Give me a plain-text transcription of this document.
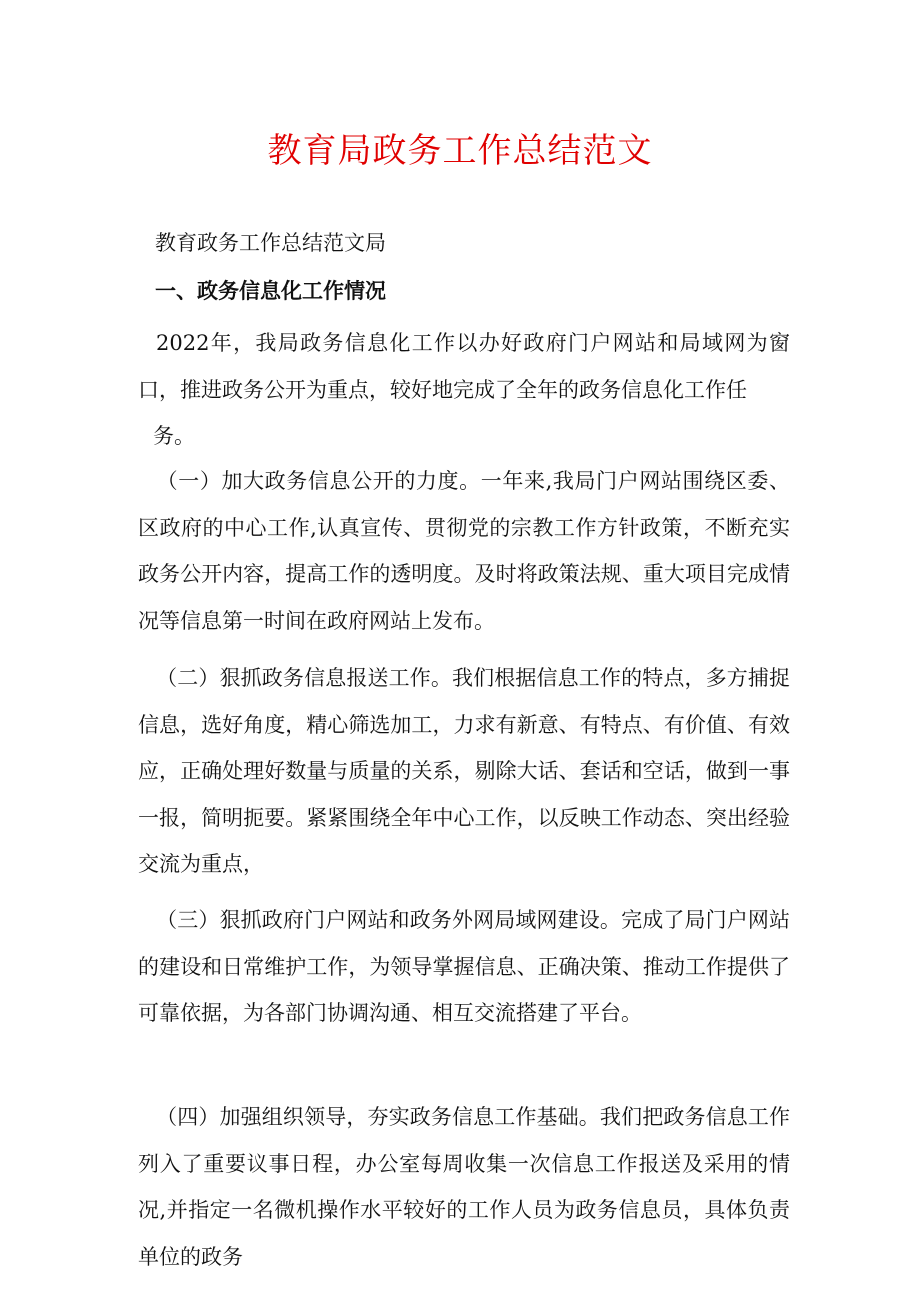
教育局政务工作总结范文

教育政务工作总结范文局

一、政务信息化工作情况

2022年，我局政务信息化工作以办好政府门户网站和局域网为窗口，推进政务公开为重点，较好地完成了全年的政务信息化工作任
务。

（一）加大政务信息公开的力度。一年来,我局门户网站围绕区委、区政府的中心工作,认真宣传、贯彻党的宗教工作方针政策，不断充实政务公开内容，提高工作的透明度。及时将政策法规、重大项目完成情况等信息第一时间在政府网站上发布。

（二）狠抓政务信息报送工作。我们根据信息工作的特点，多方捕捉信息，选好角度，精心筛选加工，力求有新意、有特点、有价值、有效应，正确处理好数量与质量的关系，剔除大话、套话和空话，做到一事一报，简明扼要。紧紧围绕全年中心工作，以反映工作动态、突出经验交流为重点，

（三）狠抓政府门户网站和政务外网局域网建设。完成了局门户网站的建设和日常维护工作，为领导掌握信息、正确决策、推动工作提供了可靠依据，为各部门协调沟通、相互交流搭建了平台。

（四）加强组织领导，夯实政务信息工作基础。我们把政务信息工作列入了重要议事日程，办公室每周收集一次信息工作报送及采用的情况,并指定一名微机操作水平较好的工作人员为政务信息员，具体负责单位的政务
